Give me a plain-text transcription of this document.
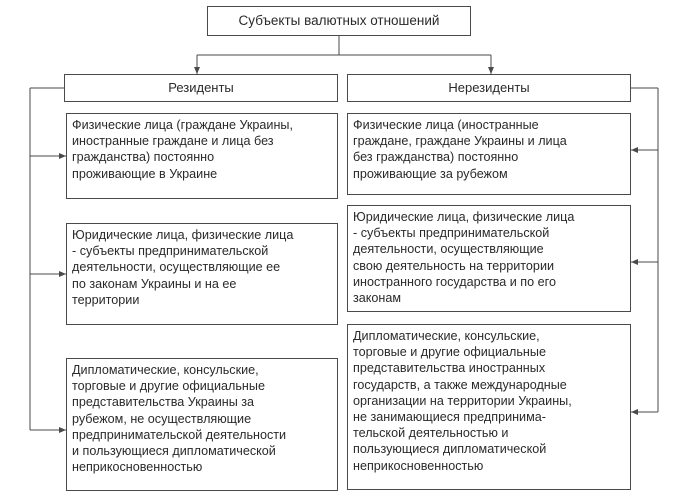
Субъекты валютных отношений
Резиденты	Нерезиденты
Физические лица (граждане Украины,
иностранные граждане и лица без
гражданства) постоянно
проживающие в Украине
Юридические лица, физические лица
- субъекты предпринимательской
деятельности, осуществляющие ее
по законам Украины и на ее
территории
Дипломатические, консульские,
торговые и другие официальные
представительства Украины за
рубежом, не осуществляющие
предпринимательской деятельности
и пользующиеся дипломатической
неприкосновенностью
Физические лица (иностранные
граждане, граждане Украины и лица
без гражданства) постоянно
проживающие за рубежом
Юридические лица, физические лица
- субъекты предпринимательской
деятельности, осуществляющие
свою деятельность на территории
иностранного государства и по его
законам
Дипломатические, консульские,
торговые и другие официальные
представительства иностранных
государств, а также международные
организации на территории Украины,
не занимающиеся предпринима-
тельской деятельностью и
пользующиеся дипломатической
неприкосновенностью
